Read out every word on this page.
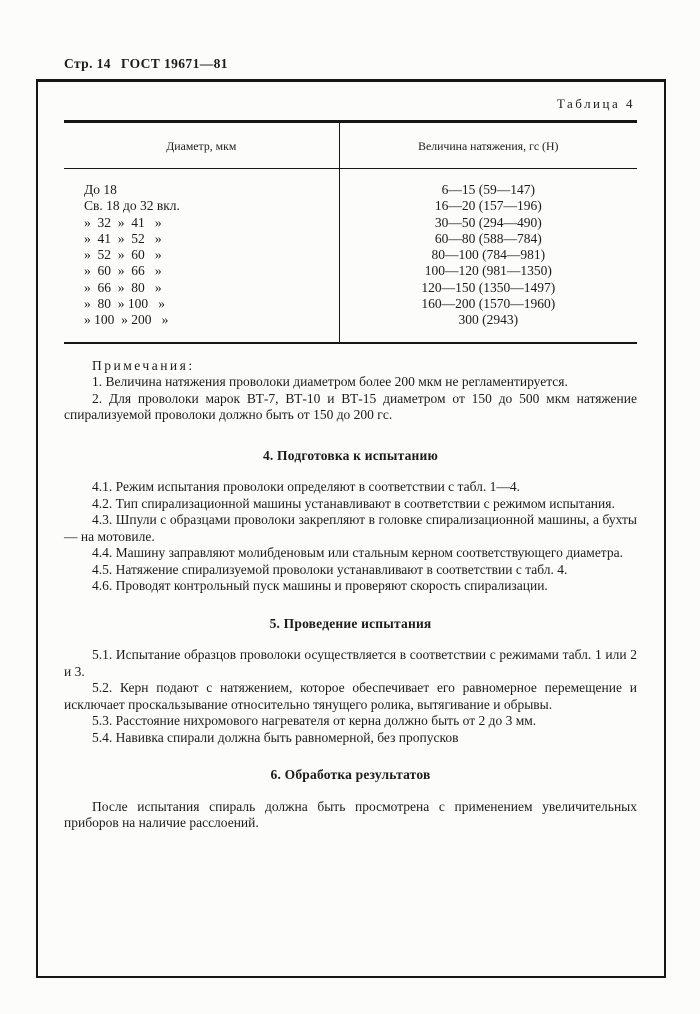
Стр. 14 ГОСТ 19671—81
Таблица 4
Диаметр, мкм	Величина натяжения, гс (Н)
До 18	6—15 (59—147)
Св. 18 до 32 вкл.	16—20 (157—196)
»  32  »  41   »	30—50 (294—490)
»  41  »  52   »	60—80 (588—784)
»  52  »  60   »	80—100 (784—981)
»  60  »  66   »	100—120 (981—1350)
»  66  »  80   »	120—150 (1350—1497)
»  80  » 100   »	160—200 (1570—1960)
» 100  » 200   »	300 (2943)
Примечания:

1. Величина натяжения проволоки диаметром более 200 мкм не регламентируется.

2. Для проволоки марок ВТ-7, ВТ-10 и ВТ-15 диаметром от 150 до 500 мкм натяжение спирализуемой проволоки должно быть от 150 до 200 гс.

4. Подготовка к испытанию

4.1. Режим испытания проволоки определяют в соответствии с табл. 1—4.

4.2. Тип спирализационной машины устанавливают в соответствии с режимом испытания.

4.3. Шпули с образцами проволоки закрепляют в головке спирализационной машины, а бухты — на мотовиле.

4.4. Машину заправляют молибденовым или стальным керном соответствующего диаметра.

4.5. Натяжение спирализуемой проволоки устанавливают в соответствии с табл. 4.

4.6. Проводят контрольный пуск машины и проверяют скорость спирализации.

5. Проведение испытания

5.1. Испытание образцов проволоки осуществляется в соответствии с режимами табл. 1 или 2 и 3.

5.2. Керн подают с натяжением, которое обеспечивает его равномерное перемещение и исключает проскальзывание относительно тянущего ролика, вытягивание и обрывы.

5.3. Расстояние нихромового нагревателя от керна должно быть от 2 до 3 мм.

5.4. Навивка спирали должна быть равномерной, без пропусков

6. Обработка результатов

После испытания спираль должна быть просмотрена с применением увеличительных приборов на наличие расслоений.
